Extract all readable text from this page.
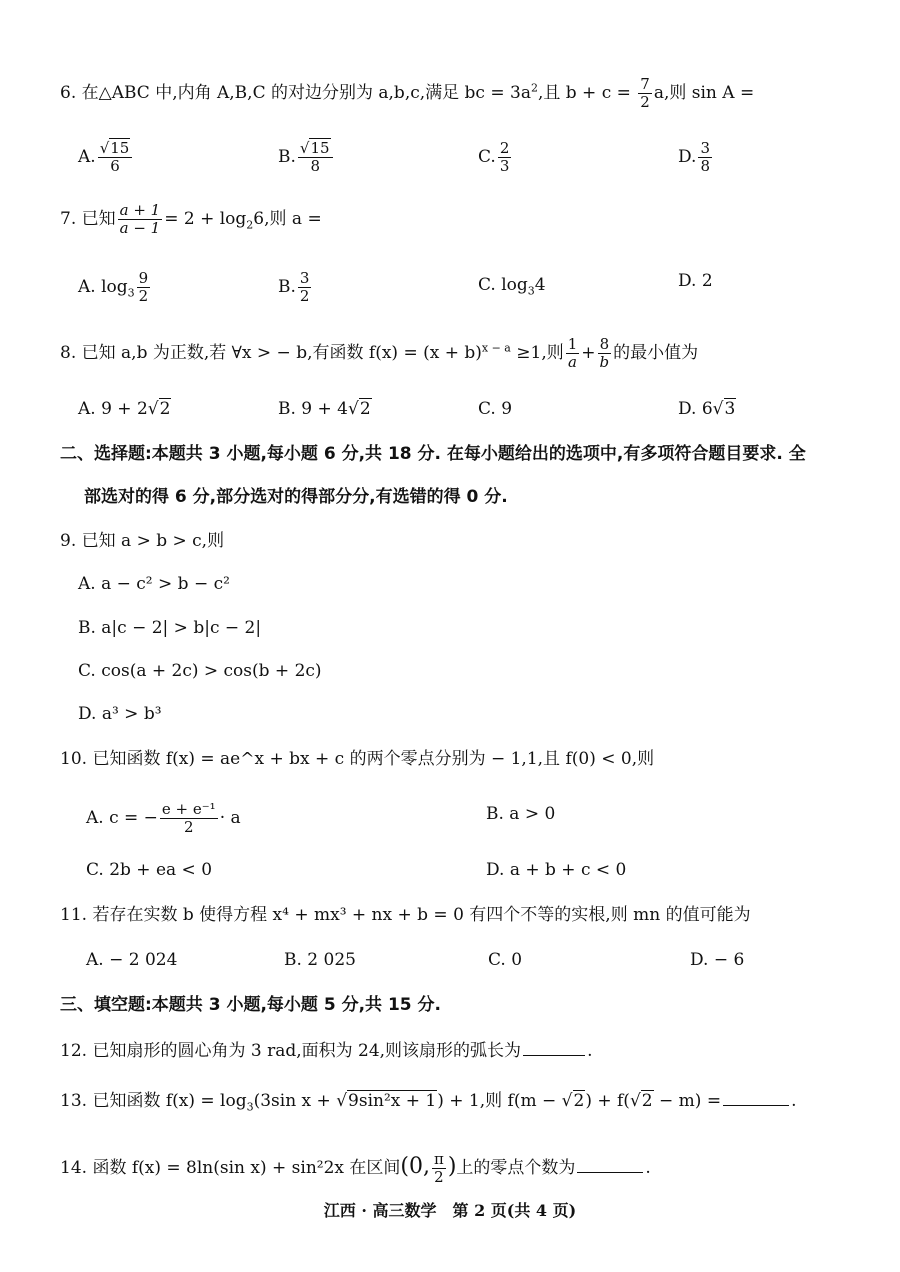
6. 在△ABC 中,内角 A,B,C 的对边分别为 a,b,c,满足 bc = $3a^2$,且 $b + c = \frac{7}{2} a$,则 sin A =
A. $\frac{√15}{6}$	B. $\frac{√15}{8}$	C. $\frac{2}{3}$	D. $\frac{3}{8}$
7. 已知 $\frac{a + 1}{a - 1} = 2 + \log_26$,则 a =
A. $\log_3 \frac{9}{2}$	B. $\frac{3}{2}$	C. $\log_34$	D. 2
8. 已知 a,b 为正数,若 ∀x > − b,有函数 $f(x) = (x + b)^{x - a} \ge 1$,则 $\frac{1}{a} + \frac{8}{b}$ 的最小值为
A. 9 + 2√2	B. 9 + 4√2	C. 9	D. 6√3
二、选择题:本题共 3 小题,每小题 6 分,共 18 分. 在每小题给出的选项中,有多项符合题目要求. 全
部选对的得 6 分,部分选对的得部分分,有选错的得 0 分.
9. 已知 a > b > c,则
A. a − c² > b − c²
B. a|c − 2| > b|c − 2|
C. cos(a + 2c) > cos(b + 2c)
D. a³ > b³
10. 已知函数 f(x) = ae^x + bx + c 的两个零点分别为 − 1,1,且 f(0) < 0,则
A. c = − $\frac{\text{e + e⁻¹}}{2} \cdot a$	B. a > 0
C. 2b + ea < 0	D. a + b + c < 0
11. 若存在实数 b 使得方程 x⁴ + mx³ + nx + b = 0 有四个不等的实根,则 mn 的值可能为
A. − 2 024	B. 2 025	C. 0	D. − 6
三、填空题:本题共 3 小题,每小题 5 分,共 15 分.
12. 已知扇形的圆心角为 3 rad,面积为 24,则该扇形的弧长为	.
13. 已知函数 $f(x) = \log_3(3\sin$ x + √9sin²x + 1) + 1,则 f(m − √2) + f(√2 − m) =	.
14. 函数 f(x) = 8ln(sin x) + sin²2x 在区间(0, $\frac{\pi}{2}$ )上的零点个数为	.
江西 · 高三数学　第 2 页(共 4 页)
